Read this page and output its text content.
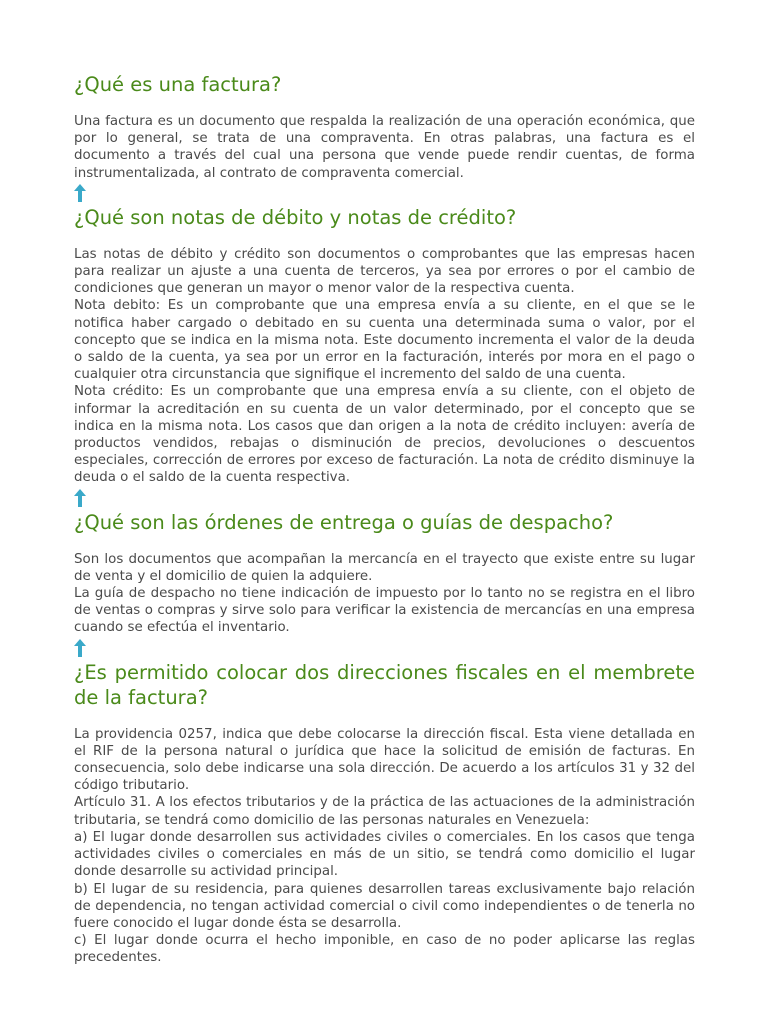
¿Qué es una factura?

Una factura es un documento que respalda la realización de una operación económica, que por lo general, se trata de una compraventa. En otras palabras, una factura es el documento a través del cual una persona que vende puede rendir cuentas, de forma instrumentalizada, al contrato de compraventa comercial.

¿Qué son notas de débito y notas de crédito?

Las notas de débito y crédito son documentos o comprobantes que las empresas hacen para realizar un ajuste a una cuenta de terceros, ya sea por errores o por el cambio de condiciones que generan un mayor o menor valor de la respectiva cuenta.

Nota debito: Es un comprobante que una empresa envía a su cliente, en el que se le notifica haber cargado o debitado en su cuenta una determinada suma o valor, por el concepto que se indica en la misma nota. Este documento incrementa el valor de la deuda o saldo de la cuenta, ya sea por un error en la facturación, interés por mora en el pago o cualquier otra circunstancia que signifique el incremento del saldo de una cuenta.

Nota crédito: Es un comprobante que una empresa envía a su cliente, con el objeto de informar la acreditación en su cuenta de un valor determinado, por el concepto que se indica en la misma nota. Los casos que dan origen a la nota de crédito incluyen: avería de productos vendidos, rebajas o disminución de precios, devoluciones o descuentos especiales, corrección de errores por exceso de facturación. La nota de crédito disminuye la deuda o el saldo de la cuenta respectiva.

¿Qué son las órdenes de entrega o guías de despacho?

Son los documentos que acompañan la mercancía en el trayecto que existe entre su lugar de venta y el domicilio de quien la adquiere.

La guía de despacho no tiene indicación de impuesto por lo tanto no se registra en el libro de ventas o compras y sirve solo para verificar la existencia de mercancías en una empresa cuando se efectúa el inventario.

¿Es permitido colocar dos direcciones fiscales en el membrete de la factura?

La providencia 0257, indica que debe colocarse la dirección fiscal. Esta viene detallada en el RIF de la persona natural o jurídica que hace la solicitud de emisión de facturas. En consecuencia, solo debe indicarse una sola dirección. De acuerdo a los artículos 31 y 32 del código tributario.

Artículo 31. A los efectos tributarios y de la práctica de las actuaciones de la administración tributaria, se tendrá como domicilio de las personas naturales en Venezuela:

a) El lugar donde desarrollen sus actividades civiles o comerciales. En los casos que tenga actividades civiles o comerciales en más de un sitio, se tendrá como domicilio el lugar donde desarrolle su actividad principal.

b) El lugar de su residencia, para quienes desarrollen tareas exclusivamente bajo relación de dependencia, no tengan actividad comercial o civil como independientes o de tenerla no fuere conocido el lugar donde ésta se desarrolla.

c) El lugar donde ocurra el hecho imponible, en caso de no poder aplicarse las reglas precedentes.
